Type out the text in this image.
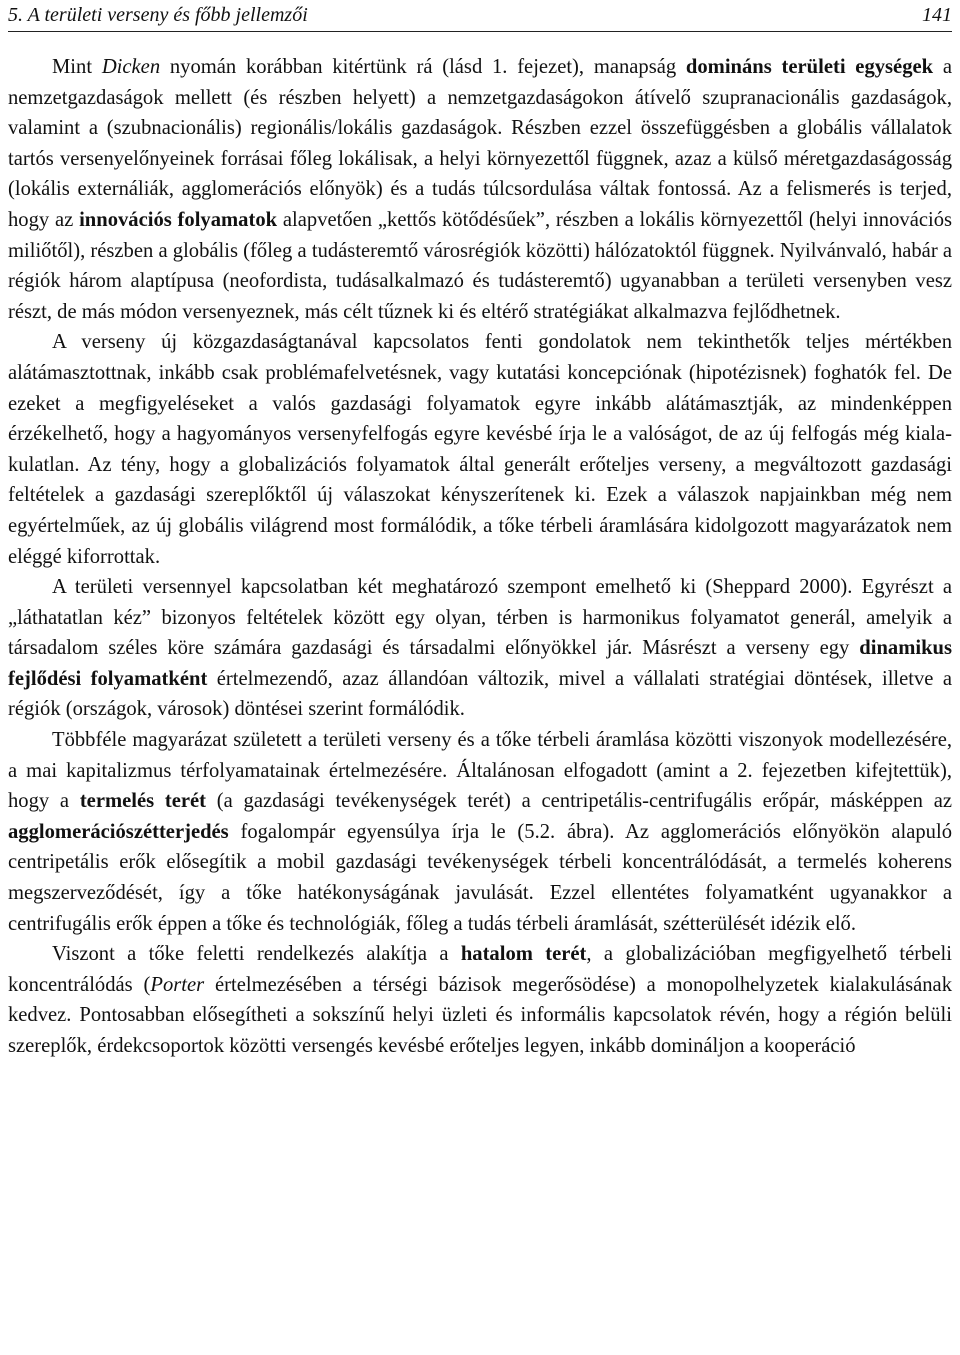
5. A területi verseny és főbb jellemzői	141

Mint Dicken nyomán korábban kitértünk rá (lásd 1. fejezet), manapság domináns területi egységek a nemzetgazdaságok mellett (és részben helyett) a nemzetgazdaságokon átívelő szupranacionális gazdaságok, valamint a (szubnacionális) regionális/lokális gazdaságok. Részben ezzel összefüggésben a globális vállalatok tartós versenyelőnyeinek forrásai főleg lokálisak, a helyi környezettől függnek, azaz a külső méretgazdaságosság (lokális externáliák, agglomerációs előnyök) és a tudás túlcsordulása váltak fontossá. Az a felismerés is terjed, hogy az innovációs folyamatok alapvetően „kettős kötődésűek”, részben a lokális környezettől (helyi innovációs miliőtől), részben a globális (főleg a tudásteremtő városrégiók közötti) hálózatoktól függnek. Nyilvánvaló, habár a régiók három alaptípusa (neofordista, tudásalkalmazó és tudásteremtő) ugyanabban a területi versenyben vesz részt, de más módon versenyeznek, más célt tűznek ki és eltérő stratégiákat alkalmazva fejlődhetnek.

A verseny új közgazdaságtanával kapcsolatos fenti gondolatok nem tekinthetők teljes mértékben alátámasztottnak, inkább csak problémafelvetésnek, vagy kutatási koncepciónak (hipotézisnek) foghatók fel. De ezeket a megfigyeléseket a valós gazdasági folyamatok egyre inkább alátámasztják, az mindenképpen érzékelhető, hogy a hagyományos versenyfelfogás egyre kevésbé írja le a valóságot, de az új felfogás még kialakulatlan. Az tény, hogy a globalizációs folyamatok által generált erőteljes verseny, a megváltozott gazdasági feltételek a gazdasági szereplőktől új válaszokat kényszerítenek ki. Ezek a válaszok napjainkban még nem egyértelműek, az új globális világrend most formálódik, a tőke térbeli áramlására kidolgozott magyarázatok nem eléggé kiforrottak.

A területi versennyel kapcsolatban két meghatározó szempont emelhető ki (Sheppard 2000). Egyrészt a „láthatatlan kéz” bizonyos feltételek között egy olyan, térben is harmonikus folyamatot generál, amelyik a társadalom széles köre számára gazdasági és társadalmi előnyökkel jár. Másrészt a verseny egy dinamikus fejlődési folyamatként értelmezendő, azaz állandóan változik, mivel a vállalati stratégiai döntések, illetve a régiók (országok, városok) döntései szerint formálódik.

Többféle magyarázat született a területi verseny és a tőke térbeli áramlása közötti viszonyok modellezésére, a mai kapitalizmus térfolyamatainak értelmezésére. Általánosan elfogadott (amint a 2. fejezetben kifejtettük), hogy a termelés terét (a gazdasági tevékenységek terét) a centripetális-centrifugális erőpár, másképpen az agglomerációszétterjedés fogalompár egyensúlya írja le (5.2. ábra). Az agglomerációs előnyökön alapuló centripetális erők elősegítik a mobil gazdasági tevékenységek térbeli koncentrálódását, a termelés koherens megszerveződését, így a tőke hatékonyságának javulását. Ezzel ellentétes folyamatként ugyanakkor a centrifugális erők éppen a tőke és technológiák, főleg a tudás térbeli áramlását, szétterülését idézik elő.

Viszont a tőke feletti rendelkezés alakítja a hatalom terét, a globalizációban megfigyelhető térbeli koncentrálódás (Porter értelmezésében a térségi bázisok megerősödése) a monopolhelyzetek kialakulásának kedvez. Pontosabban elősegítheti a sokszínű helyi üzleti és informális kapcsolatok révén, hogy a régión belüli szereplők, érdekcsoportok közötti versengés kevésbé erőteljes legyen, inkább domináljon a kooperáció
